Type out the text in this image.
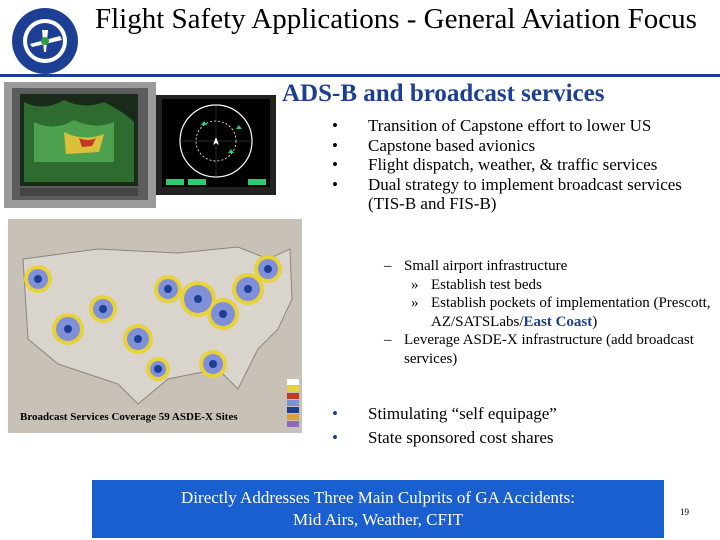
Flight Safety Applications - General Aviation Focus
ADS-B and broadcast services
Broadcast Services Coverage 59 ASDE-X Sites
• Transition of Capstone effort to lower US
• Capstone based avionics
• Flight dispatch, weather, & traffic services
• Dual strategy to implement broadcast services (TIS-B and FIS-B)
– Small airport infrastructure
» Establish test beds
» Establish pockets of implementation (Prescott, AZ/SATSLabs/East Coast)
– Leverage ASDE-X infrastructure (add broadcast services)
• Stimulating “self equipage”
• State sponsored cost shares
Directly Addresses Three Main Culprits of GA Accidents:
Mid Airs, Weather, CFIT	19
